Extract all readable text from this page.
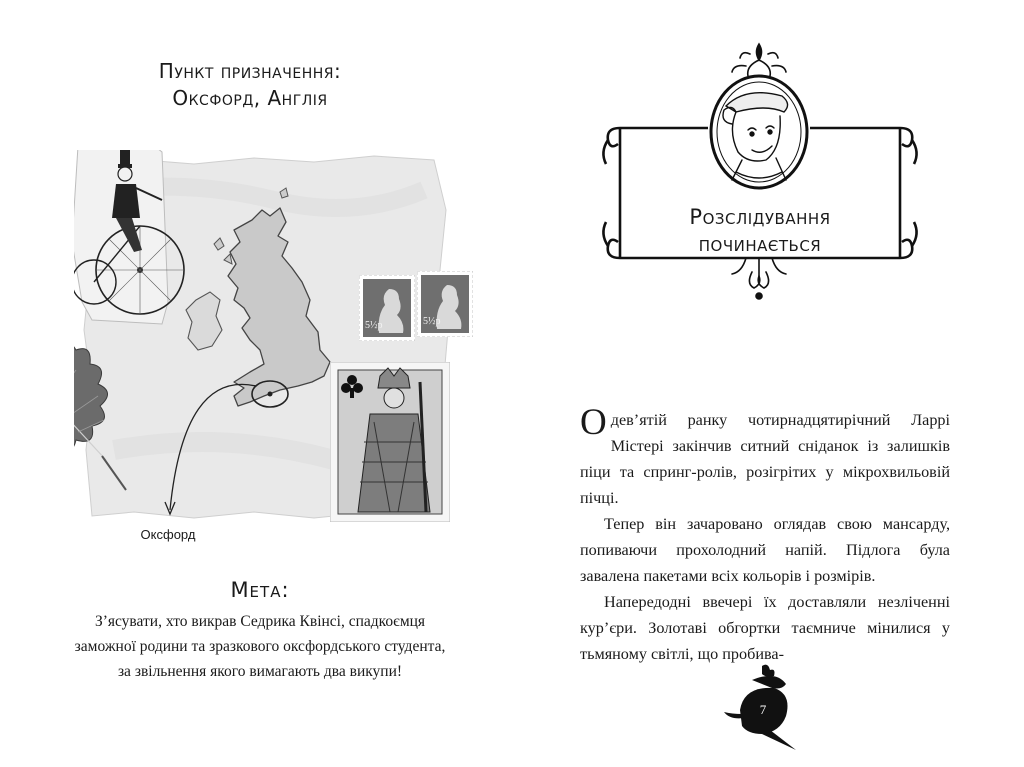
Пункт призначення:
Оксфорд, Англія
5½p	5½p
Оксфорд
Мета:
З’ясувати, хто викрав Седрика Квінсі, спадкоємця заможної родини та зразкового оксфордського студента, за звільнення якого вимагають два викупи!
Розслідування
починається

О дев’ятій ранку чотирнадцятирічний Ларрі Містері закінчив ситний сніданок із залишків піци та спринг-ролів, розігрітих у мікрохвильовій пічці.

Тепер він зачаровано оглядав свою мансарду, попиваючи прохолодний напій. Підлога була завалена пакетами всіх кольорів і розмірів.

Напередодні ввечері їх доставляли незліченні кур’єри. Золотаві обгортки таємниче мінилися у тьмяному світлі, що пробива-

7
